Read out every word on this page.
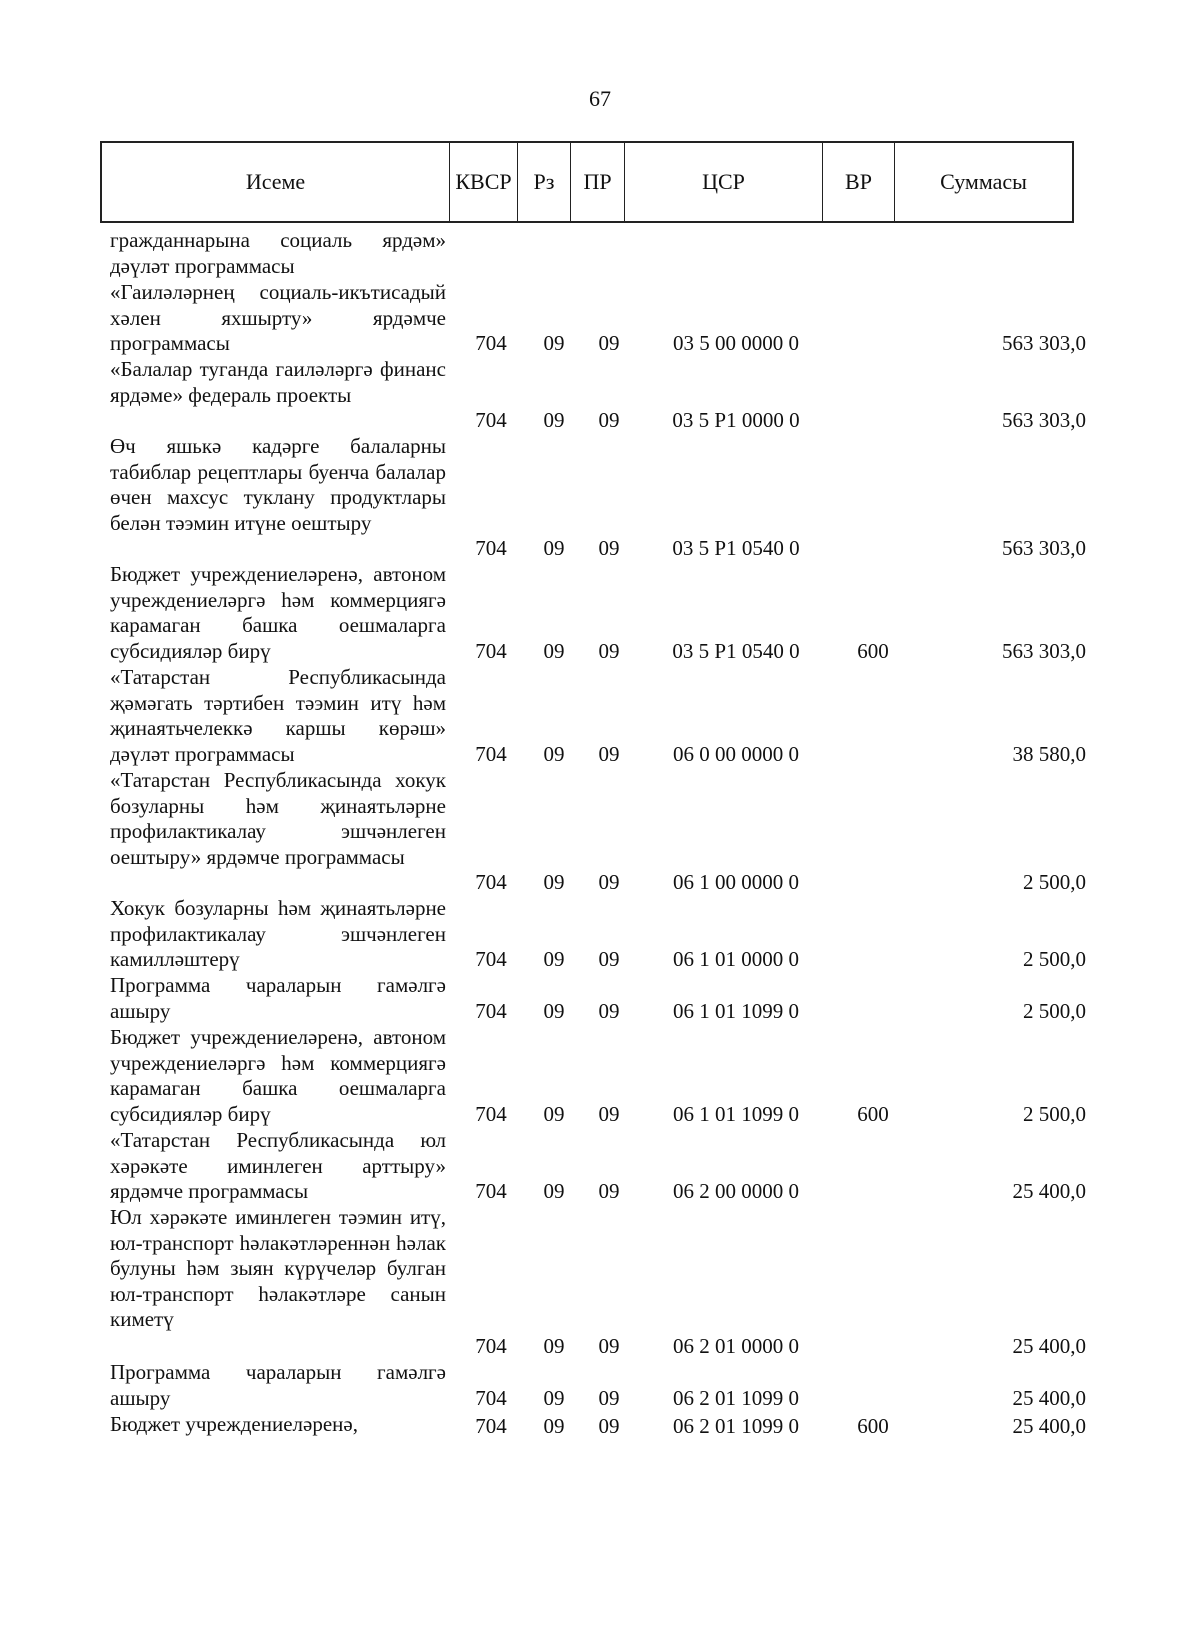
67
Исеме	КВСР Рз	ПР	ЦСР	ВР	Суммасы
гражданнарына социаль ярдәм» дәүләт программасы
«Гаиләләрнең социаль-икътисадый хәлен яхшырту» ярдәмче программасы	704	09	09	03 5 00 0000 0	563 303,0
«Балалар туганда гаиләләргә финанс ярдәме» федераль проекты
704	09	09	03 5 Р1 0000 0	563 303,0
Өч яшькә кадәрге балаларны табиблар рецептлары буенча балалар өчен махсус туклану продуктлары белән тәэмин итүне оештыру
704	09	09	03 5 Р1 0540 0	563 303,0
Бюджет учреждениеләренә, автоном учреждениеләргә һәм коммерциягә карамаган башка оешмаларга субсидияләр бирү	704	09	09	03 5 Р1 0540 0	600	563 303,0
«Татарстан Республикасында җәмәгать тәртибен тәэмин итү һәм җинаятьчелеккә каршы көрәш» дәүләт программасы	704	09	09	06 0 00 0000 0	38 580,0
«Татарстан Республикасында хокук бозуларны һәм җинаятьләрне профилактикалау эшчәнлеген оештыру» ярдәмче программасы
704	09	09	06 1 00 0000 0	2 500,0
Хокук бозуларны һәм җинаятьләрне профилактикалау эшчәнлеген камилләштерү	704	09	09	06 1 01 0000 0	2 500,0
Программа чараларын гамәлгә ашыру	704	09	09	06 1 01 1099 0	2 500,0
Бюджет учреждениеләренә, автоном учреждениеләргә һәм коммерциягә карамаган башка оешмаларга субсидияләр бирү	704	09	09	06 1 01 1099 0	600	2 500,0
«Татарстан Республикасында юл хәрәкәте иминлеген арттыру» ярдәмче программасы	704	09	09	06 2 00 0000 0	25 400,0
Юл хәрәкәте иминлеген тәэмин итү, юл-транспорт һәлакәтләреннән һәлак булуны һәм зыян күрүчеләр булган юл-транспорт һәлакәтләре санын киметү
704	09	09	06 2 01 0000 0	25 400,0
Программа чараларын гамәлгә ашыру	704	09	09	06 2 01 1099 0	25 400,0
Бюджет учреждениеләренә,	704	09	09	06 2 01 1099 0	600	25 400,0
